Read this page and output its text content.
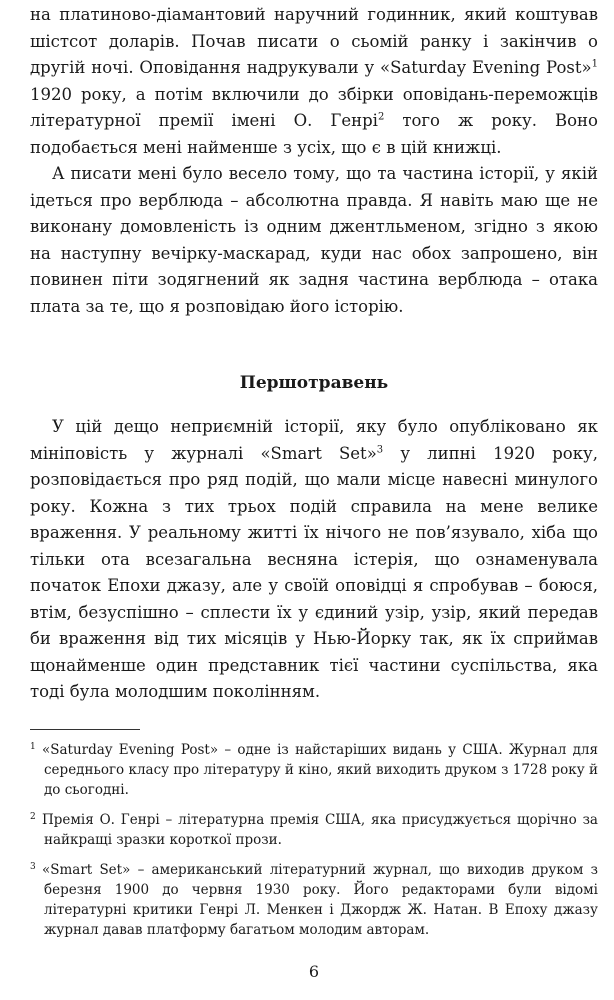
на платиново-діамантовий наручний годинник, який коштував шістсот доларів. Почав писати о сьомій ранку і закінчив о другій ночі. Оповідання надрукували у «Saturday Evening Post»$^1$ 1920 року, а потім включили до збірки оповідань-переможців літературної премії імені О. Генрі$^2$ того ж року. Воно подобається мені найменше з усіх, що є в цій книжці.

А писати мені було весело тому, що та частина історії, у якій ідеться про верблюда – абсолютна правда. Я навіть маю ще не виконану домовленість із одним джентльменом, згідно з якою на наступну вечірку-маскарад, куди нас обох запрошено, він повинен піти зодягнений як задня частина верблюда – отака плата за те, що я розповідаю його історію.

Першотравень

У цій дещо неприємній історії, яку було опубліковано як мініповість у журналі «Smart Set»$^3$ у липні 1920 року, розповідається про ряд подій, що мали місце навесні минулого року. Кожна з тих трьох подій справила на мене велике враження. У реальному житті їх нічого не пов’язувало, хіба що тільки ота всезагальна весняна істерія, що ознаменувала початок Епохи джазу, але у своїй оповідці я спробував – боюся, втім, безуспішно – сплести їх у єдиний узір, узір, який передав би враження від тих місяців у Нью-Йорку так, як їх сприймав щонайменше один представник тієї частини суспільства, яка тоді була молодшим поколінням.

1 «Saturday Evening Post» – одне із найстаріших видань у США. Журнал для середнього класу про літературу й кіно, який виходить друком з 1728 року й до сьогодні.

2 Премія О. Генрі – літературна премія США, яка присуджується щорічно за найкращі зразки короткої прози.

3 «Smart Set» – американський літературний журнал, що виходив друком з березня 1900 до червня 1930 року. Його редакторами були відомі літературні критики Генрі Л. Менкен і Джордж Ж. Натан. В Епоху джазу журнал давав платформу багатьом молодим авторам.

6
